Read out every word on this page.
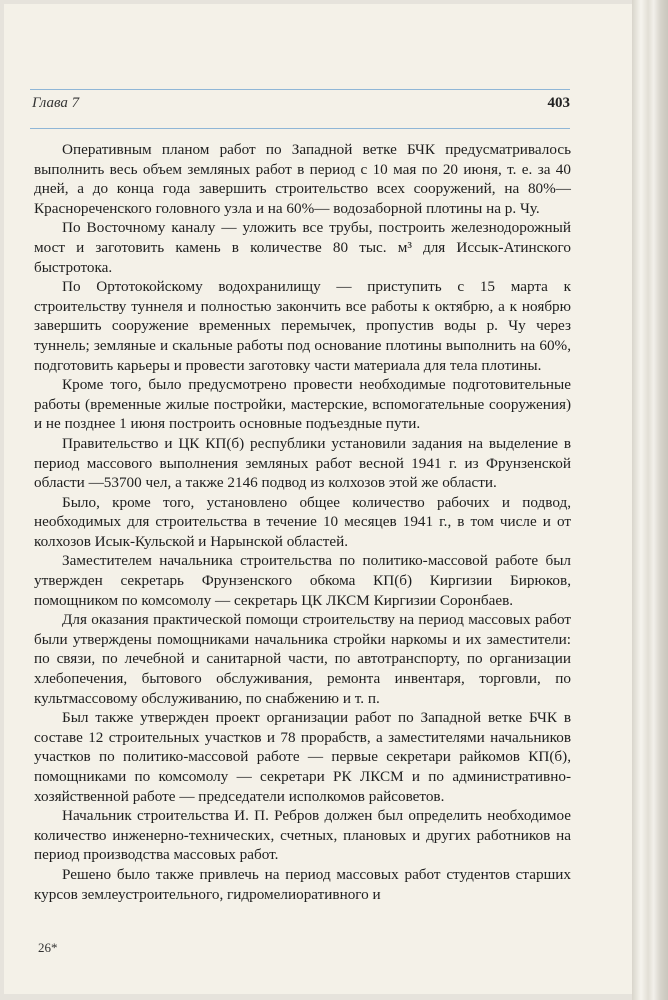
Глава 7	403

Оперативным планом работ по Западной ветке БЧК предусматривалось выполнить весь объем земляных работ в период с 10 мая по 20 июня, т. е. за 40 дней, а до конца года завершить строительство всех сооружений, на 80%— Краснореченского головного узла и на 60%— водозаборной плотины на р. Чу.

По Восточному каналу — уложить все трубы, построить железнодорожный мост и заготовить камень в количестве 80 тыс. м³ для Иссык-Атинского быстротока.

По Ортотокойскому водохранилищу — приступить с 15 марта к строительству туннеля и полностью закончить все работы к октябрю, а к ноябрю завершить сооружение временных перемычек, пропустив воды р. Чу через туннель; земляные и скальные работы под основание плотины выполнить на 60%, подготовить карьеры и провести заготовку части материала для тела плотины.

Кроме того, было предусмотрено провести необходимые подготовительные работы (временные жилые постройки, мастерские, вспомогательные сооружения) и не позднее 1 июня построить основные подъездные пути.

Правительство и ЦК КП(б) республики установили задания на выделение в период массового выполнения земляных работ весной 1941 г. из Фрунзенской области —53700 чел, а также 2146 подвод из колхозов этой же области.

Было, кроме того, установлено общее количество рабочих и подвод, необходимых для строительства в течение 10 месяцев 1941 г., в том числе и от колхозов Исык-Кульской и Нарынской областей.

Заместителем начальника строительства по политико-массовой работе был утвержден секретарь Фрунзенского обкома КП(б) Киргизии Бирюков, помощником по комсомолу — секретарь ЦК ЛКСМ Киргизии Соронбаев.

Для оказания практической помощи строительству на период массовых работ были утверждены помощниками начальника стройки наркомы и их заместители: по связи, по лечебной и санитарной части, по автотранспорту, по организации хлебопечения, бытового обслуживания, ремонта инвентаря, торговли, по культмассовому обслуживанию, по снабжению и т. п.

Был также утвержден проект организации работ по Западной ветке БЧК в составе 12 строительных участков и 78 прорабств, а заместителями начальников участков по политико-массовой работе — первые секретари райкомов КП(б), помощниками по комсомолу — секретари РК ЛКСМ и по административно-хозяйственной работе — председатели исполкомов райсоветов.

Начальник строительства И. П. Ребров должен был определить необходимое количество инженерно-технических, счетных, плановых и других работников на период производства массовых работ.

Решено было также привлечь на период массовых работ студентов старших курсов землеустроительного, гидромелиоративного и

26*
